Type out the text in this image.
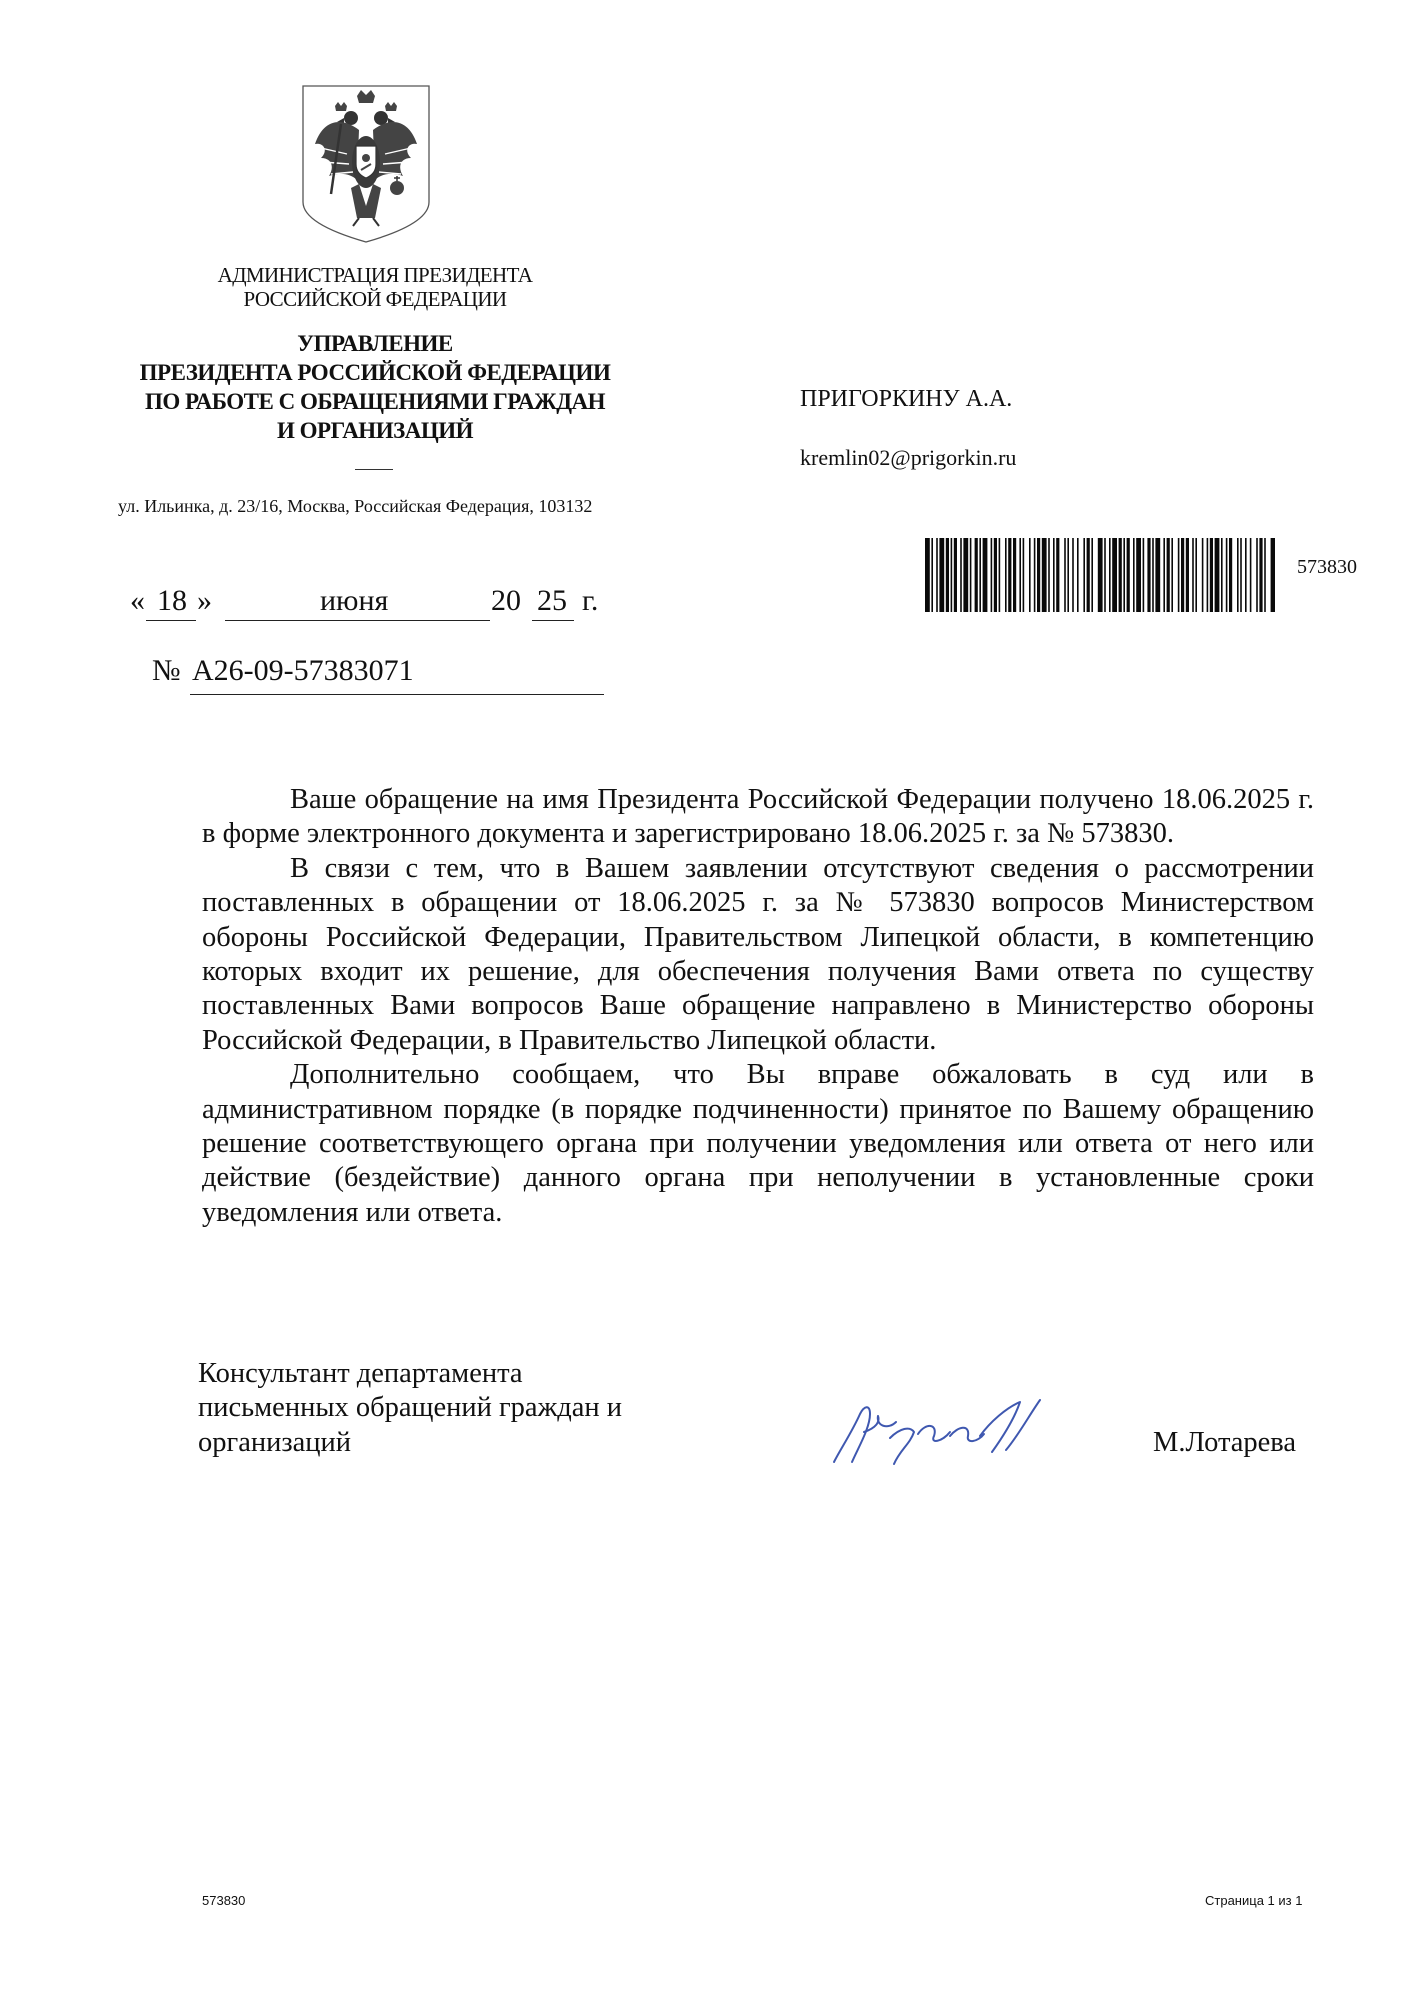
АДМИНИСТРАЦИЯ ПРЕЗИДЕНТА
РОССИЙСКОЙ ФЕДЕРАЦИИ
УПРАВЛЕНИЕ
ПРЕЗИДЕНТА РОССИЙСКОЙ ФЕДЕРАЦИИ
ПО РАБОТЕ С ОБРАЩЕНИЯМИ ГРАЖДАН
И ОРГАНИЗАЦИЙ
ул. Ильинка, д. 23/16, Москва, Российская Федерация, 103132
« 18 »	июня	20 25 г.
№ А26-09-57383071
ПРИГОРКИНУ А.А.
kremlin02@prigorkin.ru
573830

Ваше обращение на имя Президента Российской Федерации получено 18.06.2025 г. в форме электронного документа и зарегистрировано 18.06.2025 г. за № 573830.

В связи с тем, что в Вашем заявлении отсутствуют сведения о рассмотрении поставленных в обращении от 18.06.2025 г. за № 573830 вопросов Министерством обороны Российской Федерации, Правительством Липецкой области, в компетенцию которых входит их решение, для обеспечения получения Вами ответа по существу поставленных Вами вопросов Ваше обращение направлено в Министерство обороны Российской Федерации, в Правительство Липецкой области.

Дополнительно сообщаем, что Вы вправе обжаловать в суд или в административном порядке (в порядке подчиненности) принятое по Вашему обращению решение соответствующего органа при получении уведомления или ответа от него или действие (бездействие) данного органа при неполучении в установленные сроки уведомления или ответа.

Консультант департамента
письменных обращений граждан и
организаций	М.Лотарева
573830	Страница 1 из 1
